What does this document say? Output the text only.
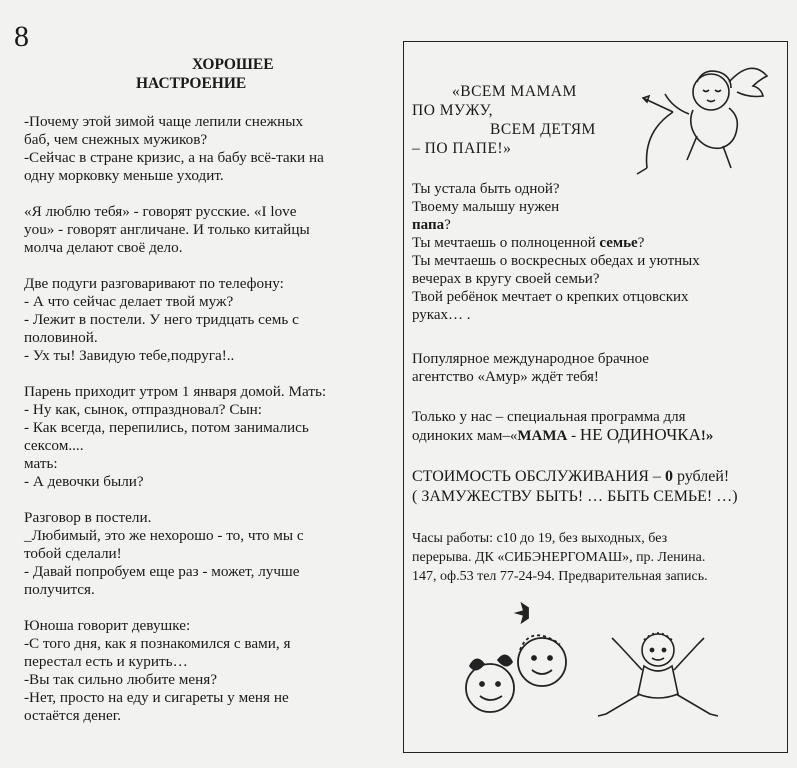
8
ХОРОШЕЕ
НАСТРОЕНИЕ

-Почему этой зимой чаще лепили снежных
баб, чем снежных мужиков?
-Сейчас в стране кризис, а на бабу всё-таки на
одну морковку меньше уходит.

«Я люблю тебя» - говорят русские. «I love
you» - говорят англичане. И только китайцы
молча делают своё дело.

Две подуги разговаривают по телефону:
- А что сейчас делает твой муж?
- Лежит в постели. У него тридцать семь с
половиной.
- Ух ты! Завидую тебе,подруга!..

Парень приходит утром 1 января домой. Мать:
- Ну как, сынок, отпраздновал? Сын:
- Как всегда, перепились, потом занимались
сексом....
мать:
- А девочки были?

Разговор в постели.
_Любимый, это же нехорошо - то, что мы с
тобой сделали!
- Давай попробуем еще раз - может, лучше
получится.

Юноша говорит девушке:
-С того дня, как я познакомился с вами, я
перестал есть и курить…
-Вы так сильно любите меня?
-Нет, просто на еду и сигареты у меня не
остаётся денег.

«ВСЕМ МАМАМ
ПО МУЖУ,
ВСЕМ ДЕТЯМ
– ПО ПАПЕ!»

Ты устала быть одной?
Твоему малышу нужен
папа?
Ты мечтаешь о полноценной семье?
Ты мечтаешь о воскресных обедах и уютных
вечерах в кругу своей семьи?
Твой ребёнок мечтает о крепких отцовских
руках… .

Популярное международное брачное
агентство «Амур» ждёт тебя!

Только у нас – специальная программа для
одиноких мам–«МАМА - НЕ ОДИНОЧКА!»

СТОИМОСТЬ ОБСЛУЖИВАНИЯ – 0 рублей!
( ЗАМУЖЕСТВУ БЫТЬ! … БЫТЬ СЕМЬЕ! …)

Часы работы: с10 до 19, без выходных, без
перерыва. ДК «СИБЭНЕРГОМАШ», пр. Ленина.
147, оф.53 тел 77-24-94. Предварительная запись.
